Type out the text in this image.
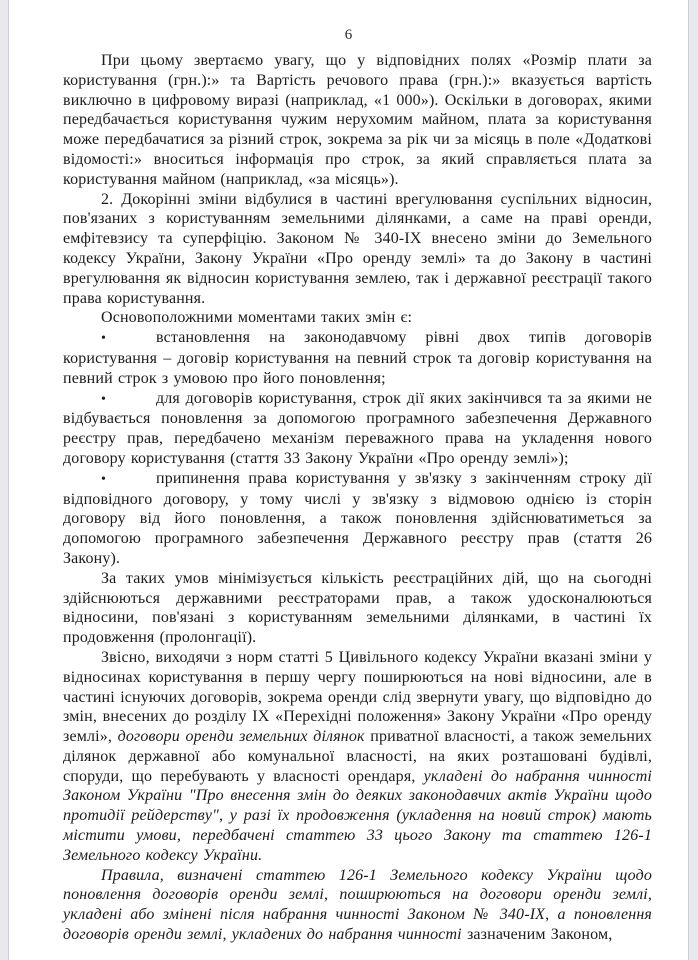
6

При цьому звертаємо увагу, що у відповідних полях «Розмір плати за користування (грн.):» та Вартість речового права (грн.):» вказується вартість виключно в цифровому виразі (наприклад, «1 000»). Оскільки в договорах, якими передбачається користування чужим нерухомим майном, плата за користування може передбачатися за різний строк, зокрема за рік чи за місяць в поле «Додаткові відомості:» вноситься інформація про строк, за який справляється плата за користування майном (наприклад, «за місяць»).

2. Докорінні зміни відбулися в частині врегулювання суспільних відносин, пов'язаних з користуванням земельними ділянками, а саме на праві оренди, емфітевзису та суперфіцію. Законом № 340-IX внесено зміни до Земельного кодексу України, Закону України «Про оренду землі» та до Закону в частині врегулювання як відносин користування землею, так і державної реєстрації такого права користування.

Основоположними моментами таких змін є:

•	встановлення на законодавчому рівні двох типів договорів користування – договір користування на певний строк та договір користування на певний строк з умовою про його поновлення;

•	для договорів користування, строк дії яких закінчився та за якими не відбувається поновлення за допомогою програмного забезпечення Державного реєстру прав, передбачено механізм переважного права на укладення нового договору користування (стаття 33 Закону України «Про оренду землі»);

•	припинення права користування у зв'язку з закінченням строку дії відповідного договору, у тому числі у зв'язку з відмовою однією із сторін договору від його поновлення, а також поновлення здійснюватиметься за допомогою програмного забезпечення Державного реєстру прав (стаття 26 Закону).

За таких умов мінімізується кількість реєстраційних дій, що на сьогодні здійснюються державними реєстраторами прав, а також удосконалюються відносини, пов'язані з користуванням земельними ділянками, в частині їх продовження (пролонгації).

Звісно, виходячи з норм статті 5 Цивільного кодексу України вказані зміни у відносинах користування в першу чергу поширюються на нові відносини, але в частині існуючих договорів, зокрема оренди слід звернути увагу, що відповідно до змін, внесених до розділу IX «Перехідні положення» Закону України «Про оренду землі», договори оренди земельних ділянок приватної власності, а також земельних ділянок державної або комунальної власності, на яких розташовані будівлі, споруди, що перебувають у власності орендаря, укладені до набрання чинності Законом України "Про внесення змін до деяких законодавчих актів України щодо протидії рейдерству", у разі їх продовження (укладення на новий строк) мають містити умови, передбачені статтею 33 цього Закону та статтею 126-1 Земельного кодексу України.

Правила, визначені статтею 126-1 Земельного кодексу України щодо поновлення договорів оренди землі, поширюються на договори оренди землі, укладені або змінені після набрання чинності Законом № 340-IX, а поновлення договорів оренди землі, укладених до набрання чинності зазначеним Законом,
